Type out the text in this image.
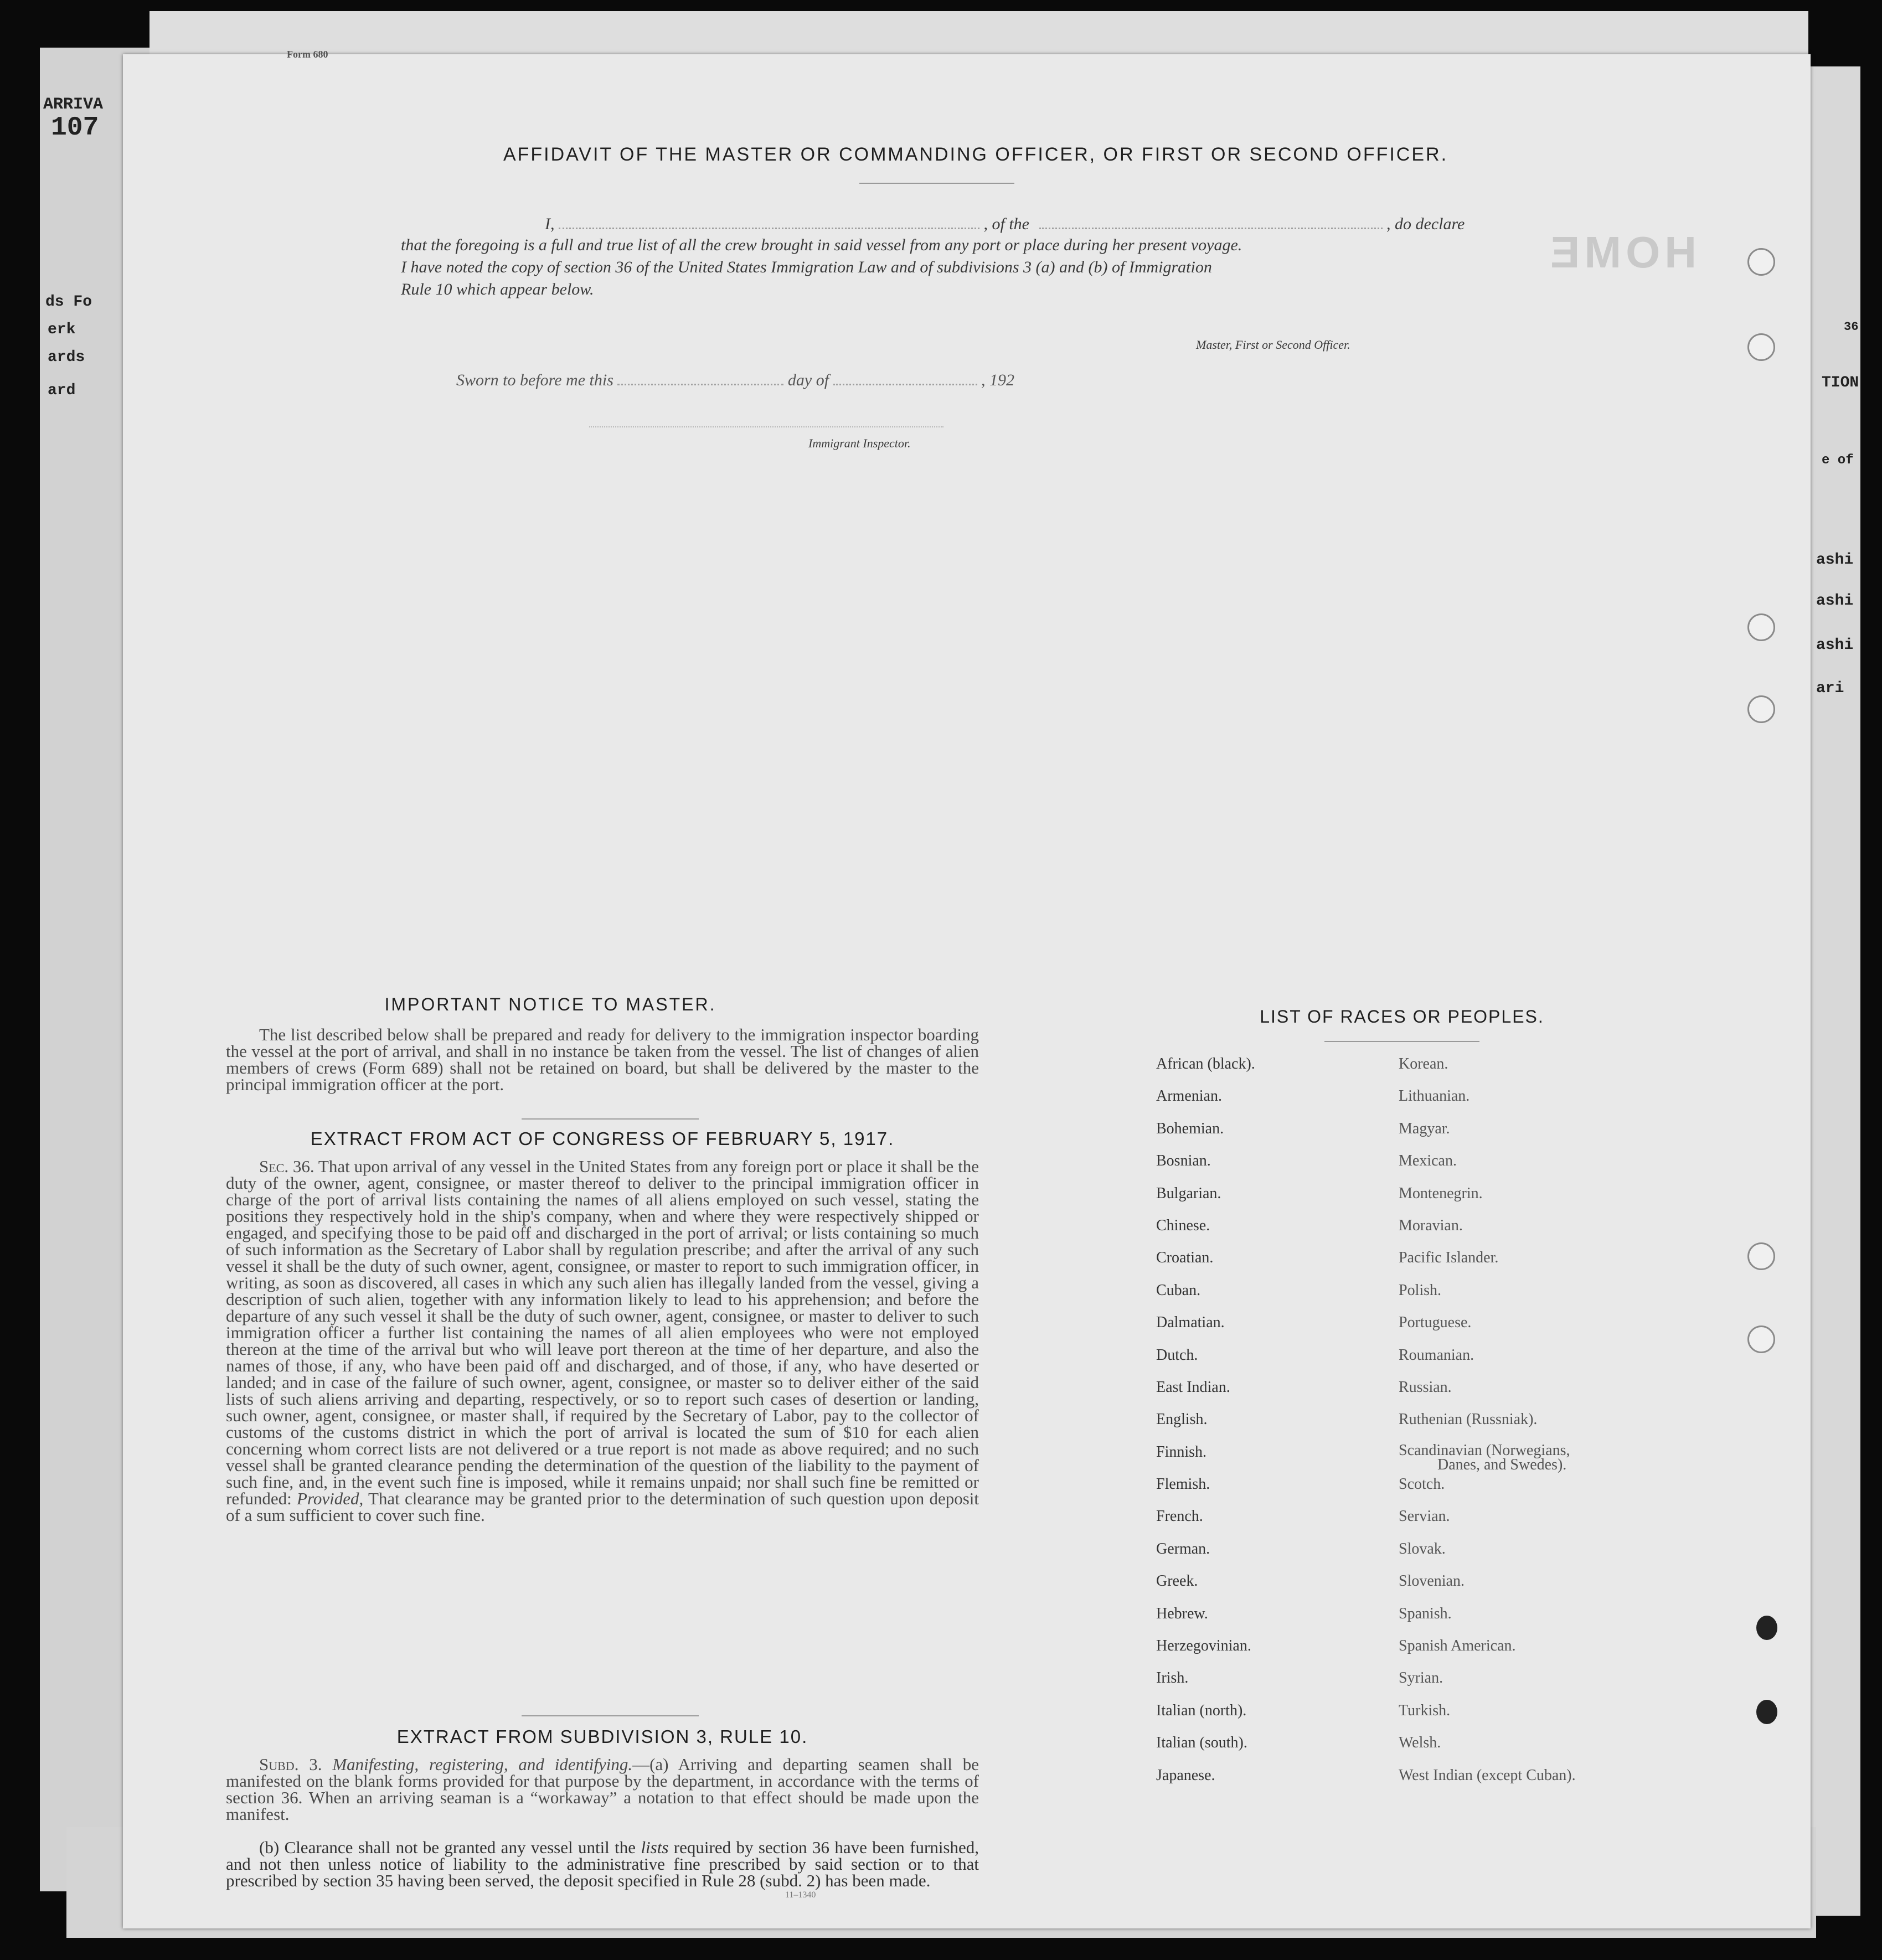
ARRIVA
107
ds Fo
erk
ards
ard
36
TION
e of
ashi
ashi
ashi
ari
Form 680
HOME
AFFIDAVIT OF THE MASTER OR COMMANDING OFFICER, OR FIRST OR SECOND OFFICER.
I,	, of the	, do declare
that the foregoing is a full and true list of all the crew brought in said vessel from any port or place during her present voyage.
I have noted the copy of section 36 of the United States Immigration Law and of subdivisions 3 (a) and (b) of Immigration
Rule 10 which appear below.
Master, First or Second Officer.
Sworn to before me this	day of	, 192
Immigrant Inspector.
IMPORTANT NOTICE TO MASTER.
The list described below shall be prepared and ready for delivery to the immigration inspector boarding the vessel at the port of arrival, and shall in no instance be taken from the vessel. The list of changes of alien members of crews (Form 689) shall not be retained on board, but shall be delivered by the master to the principal immigration officer at the port.
EXTRACT FROM ACT OF CONGRESS OF FEBRUARY 5, 1917.
Sec. 36. That upon arrival of any vessel in the United States from any foreign port or place it shall be the duty of the owner, agent, consignee, or master thereof to deliver to the principal immigration officer in charge of the port of arrival lists containing the names of all aliens employed on such vessel, stating the positions they respectively hold in the ship's company, when and where they were respectively shipped or engaged, and specifying those to be paid off and discharged in the port of arrival; or lists containing so much of such information as the Secretary of Labor shall by regulation prescribe; and after the arrival of any such vessel it shall be the duty of such owner, agent, consignee, or master to report to such immigration officer, in writing, as soon as discovered, all cases in which any such alien has illegally landed from the vessel, giving a description of such alien, together with any information likely to lead to his apprehension; and before the departure of any such vessel it shall be the duty of such owner, agent, consignee, or master to deliver to such immigration officer a further list containing the names of all alien employees who were not employed thereon at the time of the arrival but who will leave port thereon at the time of her departure, and also the names of those, if any, who have been paid off and discharged, and of those, if any, who have deserted or landed; and in case of the failure of such owner, agent, consignee, or master so to deliver either of the said lists of such aliens arriving and departing, respectively, or so to report such cases of desertion or landing, such owner, agent, consignee, or master shall, if required by the Secretary of Labor, pay to the collector of customs of the customs district in which the port of arrival is located the sum of $10 for each alien concerning whom correct lists are not delivered or a true report is not made as above required; and no such vessel shall be granted clearance pending the determination of the question of the liability to the payment of such fine, and, in the event such fine is imposed, while it remains unpaid; nor shall such fine be remitted or refunded: Provided, That clearance may be granted prior to the determination of such question upon deposit of a sum sufficient to cover such fine.
EXTRACT FROM SUBDIVISION 3, RULE 10.
Subd. 3. Manifesting, registering, and identifying.—(a) Arriving and departing seamen shall be manifested on the blank forms provided for that purpose by the department, in accordance with the terms of section 36. When an arriving seaman is a “workaway” a notation to that effect should be made upon the manifest.
(b) Clearance shall not be granted any vessel until the lists required by section 36 have been furnished, and not then unless notice of liability to the administrative fine prescribed by said section or to that prescribed by section 35 having been served, the deposit specified in Rule 28 (subd. 2) has been made.
11–1340
LIST OF RACES OR PEOPLES.
African (black).
Armenian.
Bohemian.
Bosnian.
Bulgarian.
Chinese.
Croatian.
Cuban.
Dalmatian.
Dutch.
East Indian.
English.
Finnish.
Flemish.
French.
German.
Greek.
Hebrew.
Herzegovinian.
Irish.
Italian (north).
Italian (south).
Japanese.
Korean.
Lithuanian.
Magyar.
Mexican.
Montenegrin.
Moravian.
Pacific Islander.
Polish.
Portuguese.
Roumanian.
Russian.
Ruthenian (Russniak).
Scandinavian (Norwegians,
Danes, and Swedes).
Scotch.
Servian.
Slovak.
Slovenian.
Spanish.
Spanish American.
Syrian.
Turkish.
Welsh.
West Indian (except Cuban).
